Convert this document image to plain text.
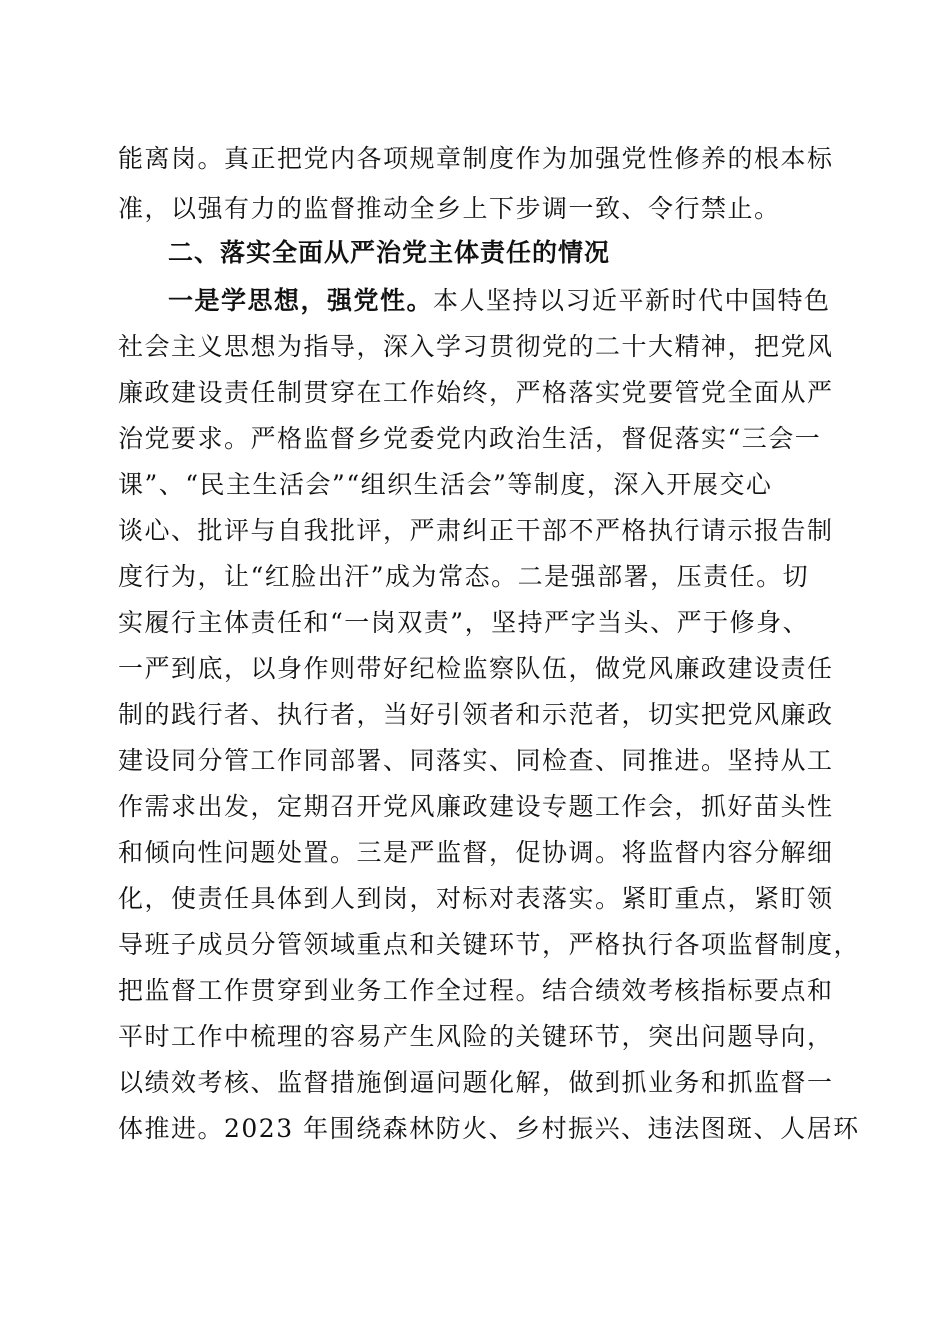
能离岗。真正把党内各项规章制度作为加强党性修养的根本标
准，以强有力的监督推动全乡上下步调一致、令行禁止。
二、落实全面从严治党主体责任的情况
一是学思想，强党性。本人坚持以习近平新时代中国特色
社会主义思想为指导，深入学习贯彻党的二十大精神，把党风
廉政建设责任制贯穿在工作始终，严格落实党要管党全面从严
治党要求。严格监督乡党委党内政治生活，督促落实“三会一
课”、“民主生活会”“组织生活会”等制度，深入开展交心
谈心、批评与自我批评，严肃纠正干部不严格执行请示报告制
度行为，让“红脸出汗”成为常态。二是强部署，压责任。切
实履行主体责任和“一岗双责”，坚持严字当头、严于修身、
一严到底，以身作则带好纪检监察队伍，做党风廉政建设责任
制的践行者、执行者，当好引领者和示范者，切实把党风廉政
建设同分管工作同部署、同落实、同检查、同推进。坚持从工
作需求出发，定期召开党风廉政建设专题工作会，抓好苗头性
和倾向性问题处置。三是严监督，促协调。将监督内容分解细
化，使责任具体到人到岗，对标对表落实。紧盯重点，紧盯领
导班子成员分管领域重点和关键环节，严格执行各项监督制度，
把监督工作贯穿到业务工作全过程。结合绩效考核指标要点和
平时工作中梳理的容易产生风险的关键环节，突出问题导向，
以绩效考核、监督措施倒逼问题化解，做到抓业务和抓监督一
体推进。2023 年围绕森林防火、乡村振兴、违法图斑、人居环
